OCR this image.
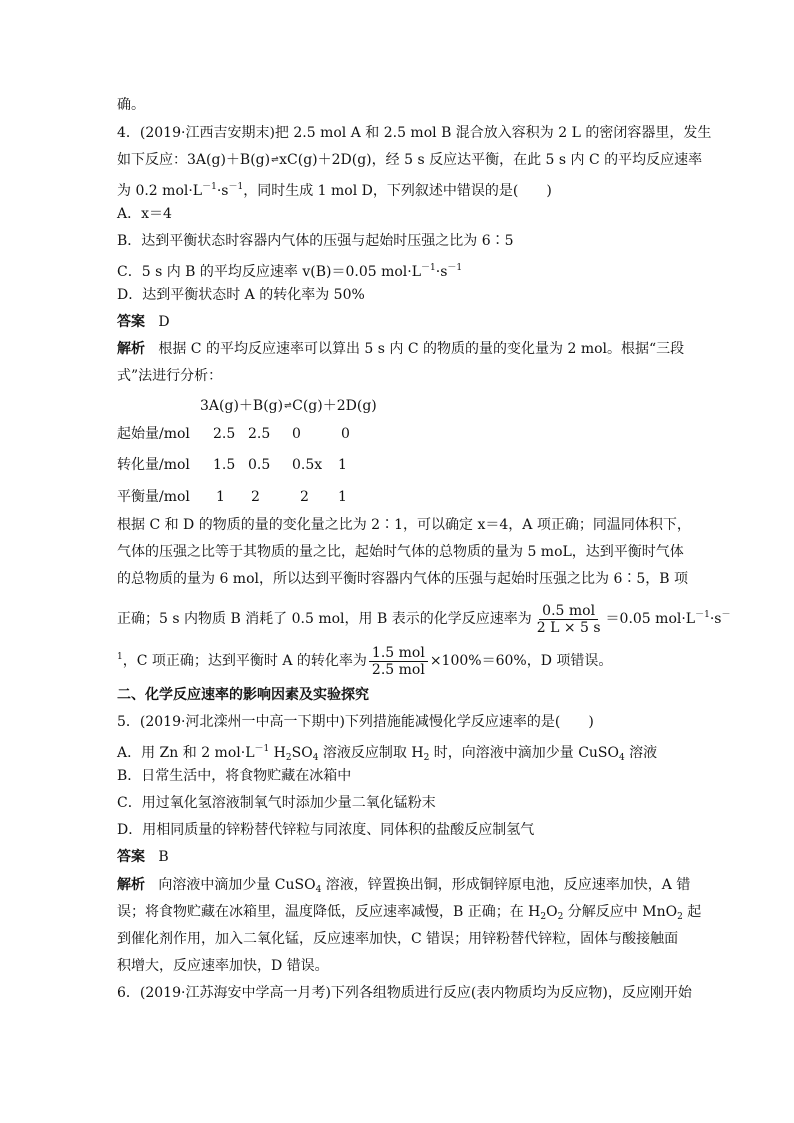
确。
4．(2019·江西吉安期末)把 2.5 mol A 和 2.5 mol B 混合放入容积为 2 L 的密闭容器里，发生
如下反应：3A(g)＋B(g)⇌xC(g)＋2D(g)，经 5 s 反应达平衡，在此 5 s 内 C 的平均反应速率
为 0.2 $mol\cdot L^{-1}\cdot s^{-1}$，同时生成 1 mol D，下列叙述中错误的是(　　)
A．x＝4
B．达到平衡状态时容器内气体的压强与起始时压强之比为 6∶5
C．5 s 内 B 的平均反应速率 v(B)＝0.05 $mol\cdot L^{-1}\cdot s^{-1}$
D．达到平衡状态时 A 的转化率为 50%
答案 D
解析 根据 C 的平均反应速率可以算出 5 s 内 C 的物质的量的变化量为 2 mol。根据“三段
式”法进行分析：
3A(g)＋B(g)⇌C(g)＋2D(g)
起始量/mol 2.5 2.5 0	0
转化量/mol 1.5 0.5 0.5x 1
平衡量/mol 1 2	2 1
根据 C 和 D 的物质的量的变化量之比为 2∶1，可以确定 x＝4，A 项正确；同温同体积下，
气体的压强之比等于其物质的量之比，起始时气体的总物质的量为 5 moL，达到平衡时气体
的总物质的量为 6 mol，所以达到平衡时容器内气体的压强与起始时压强之比为 6∶5，B 项
正确；5 s 内物质 B 消耗了 0.5 mol，用 B 表示的化学反应速率为 $\frac{\text{0.5 mol}}{2 L \times 5 s} =0.05$ $mol\cdot L^{-1}\cdot s^-$
$^1$，C 项正确；达到平衡时 A 的转化率为 $\frac{\text{1.5 mol}}{\text{2.5 mol}} \times 100\%=60\%$，D 项错误。
二、化学反应速率的影响因素及实验探究
5．(2019·河北滦州一中高一下期中)下列措施能减慢化学反应速率的是(　　)
A．用 Zn 和 2 $mol\cdot L^{-1}$ $H_2SO_4$ 溶液反应制取 $H_2$ 时，向溶液中滴加少量 CuSO$_4$ 溶液
B．日常生活中，将食物贮藏在冰箱中
C．用过氧化氢溶液制氧气时添加少量二氧化锰粉末
D．用相同质量的锌粉替代锌粒与同浓度、同体积的盐酸反应制氢气
答案 B
解析 向溶液中滴加少量 CuSO$_4$ 溶液，锌置换出铜，形成铜锌原电池，反应速率加快，A 错
误；将食物贮藏在冰箱里，温度降低，反应速率减慢，B 正确；在 $H_2O_2$ 分解反应中 MnO$_2$ 起
到催化剂作用，加入二氧化锰，反应速率加快，C 错误；用锌粉替代锌粒，固体与酸接触面
积增大，反应速率加快，D 错误。
6．(2019·江苏海安中学高一月考)下列各组物质进行反应(表内物质均为反应物)，反应刚开始
